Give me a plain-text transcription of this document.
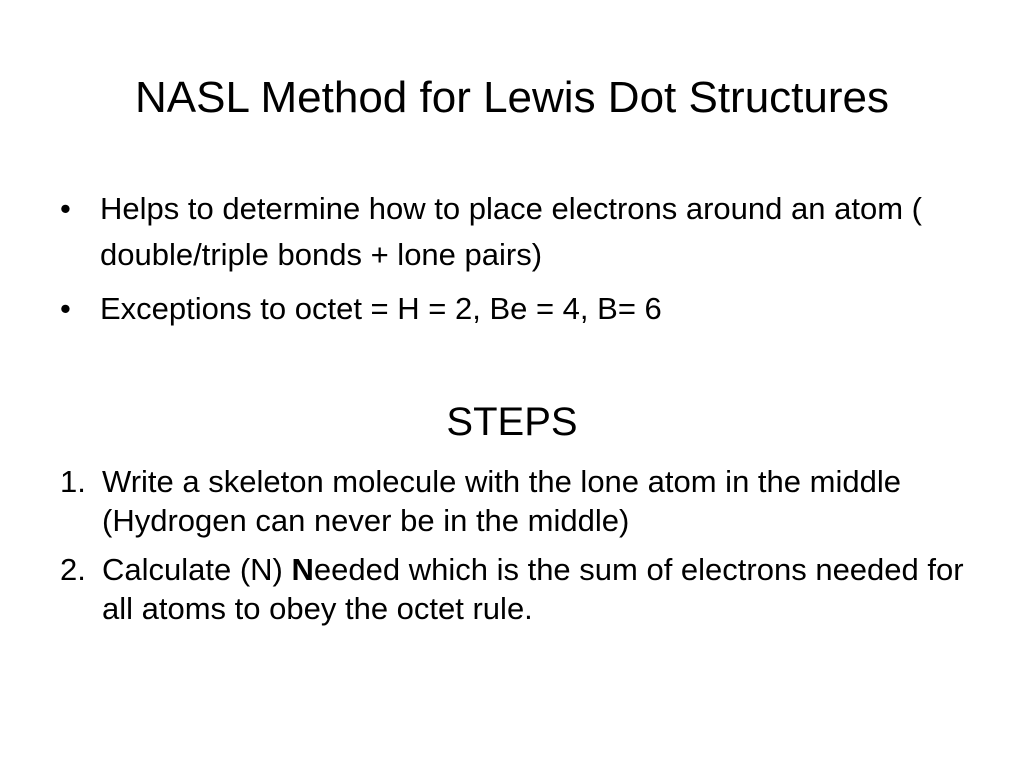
NASL Method for Lewis Dot Structures
• Helps to determine how to place electrons around an atom ( double/triple bonds + lone pairs)
• Exceptions to octet = H = 2, Be = 4, B= 6
STEPS
1. Write a skeleton molecule with the lone atom in the middle (Hydrogen can never be in the middle)
2. Calculate (N) Needed which is the sum of electrons needed for all atoms to obey the octet rule.
